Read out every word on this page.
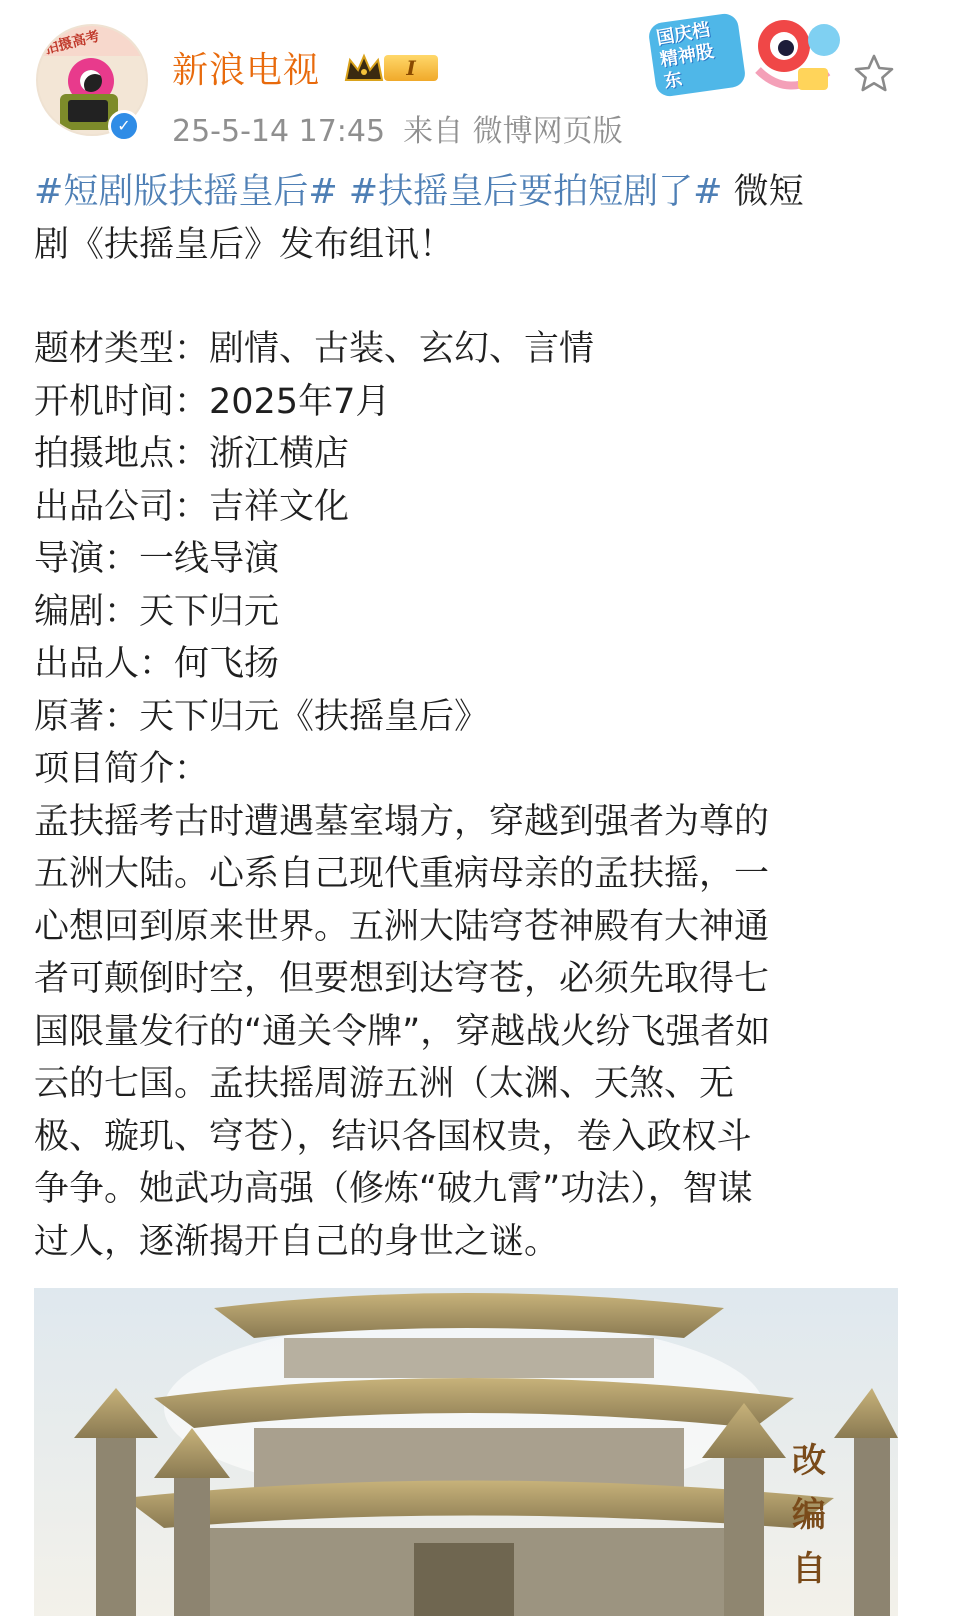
拍摄高考
✓
新浪电视	I
25-5-14 17:45 来自 微博网页版
国庆档精神股东

#短剧版扶摇皇后# #扶摇皇后要拍短剧了# 微短

剧《扶摇皇后》发布组讯！

题材类型：剧情、古装、玄幻、言情

开机时间：2025年7月

拍摄地点：浙江横店

出品公司：吉祥文化

导演：一线导演

编剧：天下归元

出品人：何飞扬

原著：天下归元《扶摇皇后》

项目简介：

孟扶摇考古时遭遇墓室塌方，穿越到强者为尊的

五洲大陆。心系自己现代重病母亲的孟扶摇，一

心想回到原来世界。五洲大陆穹苍神殿有大神通

者可颠倒时空，但要想到达穹苍，必须先取得七

国限量发行的“通关令牌”，穿越战火纷飞强者如

云的七国。孟扶摇周游五洲（太渊、天煞、无

极、璇玑、穹苍），结识各国权贵，卷入政权斗

争争。她武功高强（修炼“破九霄”功法），智谋

过人，逐渐揭开自己的身世之谜。

改
编
自
